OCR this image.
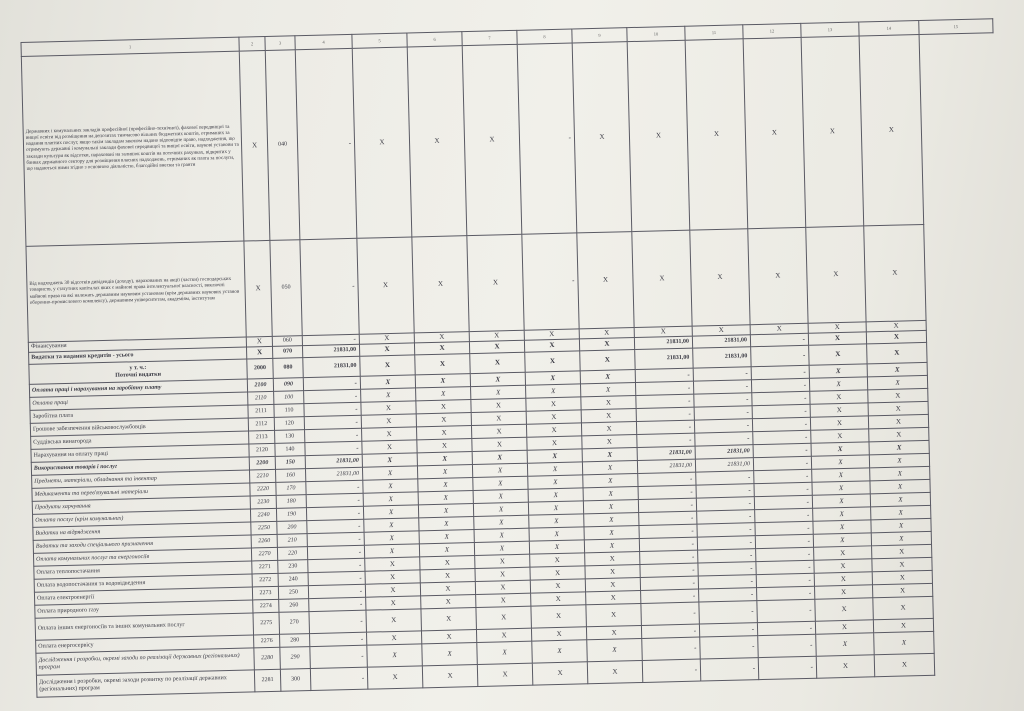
1	2	3	4	5	6	7	8	9	10	11	12	13	14	15
Державних і комунальних закладів професійної (професійно-технічної), фахової передвищої та вищої освіти від розміщення на депозитах тимчасово вільних бюджетних коштів, отриманих за надання платних послуг, якщо такім закладам законом надано відповідне право, надходження, що отримують державні і комунальні заклади фахової передвищої та вищої освіти, наукові установи та заклади культури як відсотки, нараховані на залишок коштів на поточних рахунках, відкритих у банках державного сектору для розміщення власних надходжень, отриманих як плата за послуги, що надаються ними згідно з основною діяльністю, благодійні внески та гранти	X	040	-	X	X	X	-	X	X	X	X	X	X	
Від надходжень 30 відсотків дивідендів (доходу), нарахованих на акції (частки) господарських товариств, у статутних капіталах яких є майнові права інтелектуальної власності, виключні майнові права на які належать державним науковим установам (крім державних наукових установ оборонно-промислового комплексу), державним університетам, академіям, інститутам	X	050	-	X	X	X	-	X	X	X	X	X	X	
Фінансування	X	060	-	X	X	X	X	X	X	X	X	X	X	
Видатки та надання кредитів - усього	X	070	21831,00	X	X	X	X	X	21831,00	21831,00	-	X	X	
у т. ч.:
Поточні видатки	2000	080	21831,00	X	X	X	X	X	21831,00	21831,00	-	X	X	
Оплата праці і нарахування на заробітну плату	2100	090	-	X	X	X	X	X	-	-	-	X	X	
Оплата праці	2110	100	-	X	X	X	X	X	-	-	-	X	X	
Заробітна плата	2111	110	-	X	X	X	X	X	-	-	-	X	X	
Грошове забезпечення військовослужбовців	2112	120	-	X	X	X	X	X	-	-	-	X	X	
Суддівська винагорода	2113	130	-	X	X	X	X	X	-	-	-	X	X	
Нарахування на оплату праці	2120	140	-	X	X	X	X	X	-	-	-	X	X	
Використання товарів і послуг	2200	150	21831,00	X	X	X	X	X	21831,00	21831,00	-	X	X	
Предмети, матеріали, обладнання та інвентар	2210	160	21831,00	X	X	X	X	X	21831,00	21831,00	-	X	X	
Медикаменти та перев'язувальні матеріали	2220	170	-	X	X	X	X	X	-	-	-	X	X	
Продукти харчування	2230	180	-	X	X	X	X	X	-	-	-	X	X	
Оплата послуг (крім комунальних)	2240	190	-	X	X	X	X	X	-	-	-	X	X	
Видатки на відрядження	2250	200	-	X	X	X	X	X	-	-	-	X	X	
Видатки та заходи спеціального призначення	2260	210	-	X	X	X	X	X	-	-	-	X	X	
Оплата комунальних послуг та енергоносіїв	2270	220	-	X	X	X	X	X	-	-	-	X	X	
Оплата теплопостачання	2271	230	-	X	X	X	X	X	-	-	-	X	X	
Оплата водопостачання та водовідведення	2272	240	-	X	X	X	X	X	-	-	-	X	X	
Оплата електроенергії	2273	250	-	X	X	X	X	X	-	-	-	X	X	
Оплата природного газу	2274	260	-	X	X	X	X	X	-	-	-	X	X	
Оплата інших енергоносіїв та інших комунальних послуг	2275	270	-	X	X	X	X	X	-	-	-	X	X	
Оплата енергосервісу	2276	280	-	X	X	X	X	X	-	-	-	X	X	
Дослідження і розробки, окремі заходи по реалізації державних (регіональних) програм	2280	290	-	X	X	X	X	X	-	-	-	X	X	
Дослідження і розробки, окремі заходи розвитку по реалізації державних (регіональних) програм	2281	300	-	X	X	X	X	X	-	-	-	X	X	
